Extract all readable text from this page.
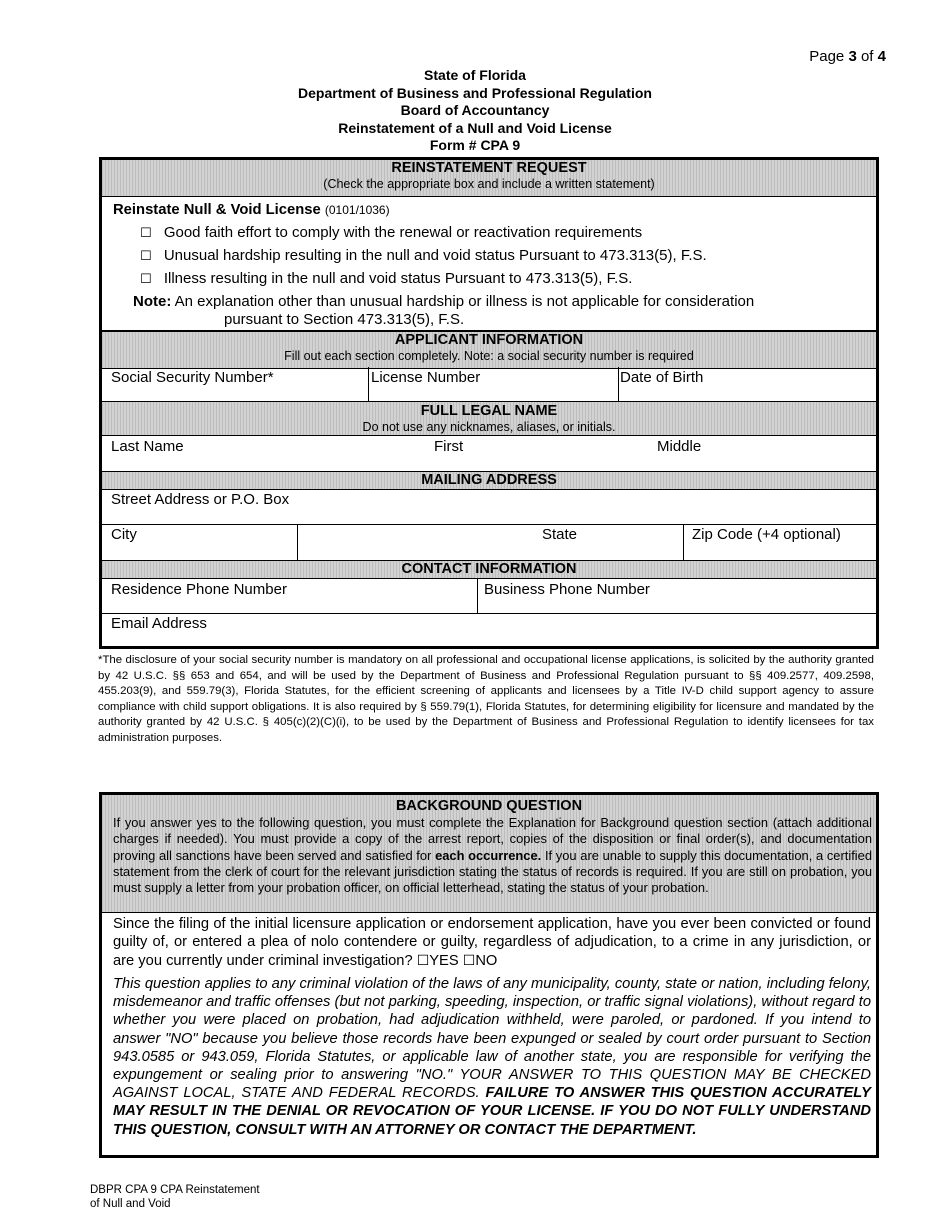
Page 3 of 4
State of Florida
Department of Business and Professional Regulation
Board of Accountancy
Reinstatement of a Null and Void License
Form # CPA 9
REINSTATEMENT REQUEST
(Check the appropriate box and include a written statement)
Reinstate Null & Void License (0101/1036)
☐ Good faith effort to comply with the renewal or reactivation requirements
☐ Unusual hardship resulting in the null and void status Pursuant to 473.313(5), F.S.
☐ Illness resulting in the null and void status Pursuant to 473.313(5), F.S.
Note: An explanation other than unusual hardship or illness is not applicable for consideration
pursuant to Section 473.313(5), F.S.
APPLICANT INFORMATION
Fill out each section completely. Note: a social security number is required
Social Security Number*	License Number	Date of Birth
FULL LEGAL NAME
Do not use any nicknames, aliases, or initials.
Last Name	First	Middle
MAILING ADDRESS
Street Address or P.O. Box
City	State	Zip Code (+4 optional)
CONTACT INFORMATION
Residence Phone Number	Business Phone Number
Email Address
*The disclosure of your social security number is mandatory on all professional and occupational license applications, is solicited by the authority granted by 42 U.S.C. §§ 653 and 654, and will be used by the Department of Business and Professional Regulation pursuant to §§ 409.2577, 409.2598, 455.203(9), and 559.79(3), Florida Statutes, for the efficient screening of applicants and licensees by a Title IV-D child support agency to assure compliance with child support obligations. It is also required by § 559.79(1), Florida Statutes, for determining eligibility for licensure and mandated by the authority granted by 42 U.S.C. § 405(c)(2)(C)(i), to be used by the Department of Business and Professional Regulation to identify licensees for tax administration purposes.
BACKGROUND QUESTION
If you answer yes to the following question, you must complete the Explanation for Background question section (attach additional charges if needed). You must provide a copy of the arrest report, copies of the disposition or final order(s), and documentation proving all sanctions have been served and satisfied for each occurrence. If you are unable to supply this documentation, a certified statement from the clerk of court for the relevant jurisdiction stating the status of records is required. If you are still on probation, you must supply a letter from your probation officer, on official letterhead, stating the status of your probation.
Since the filing of the initial licensure application or endorsement application, have you ever been convicted or found guilty of, or entered a plea of nolo contendere or guilty, regardless of adjudication, to a crime in any jurisdiction, or are you currently under criminal investigation? ☐YES ☐NO
This question applies to any criminal violation of the laws of any municipality, county, state or nation, including felony, misdemeanor and traffic offenses (but not parking, speeding, inspection, or traffic signal violations), without regard to whether you were placed on probation, had adjudication withheld, were paroled, or pardoned. If you intend to answer "NO" because you believe those records have been expunged or sealed by court order pursuant to Section 943.0585 or 943.059, Florida Statutes, or applicable law of another state, you are responsible for verifying the expungement or sealing prior to answering "NO." YOUR ANSWER TO THIS QUESTION MAY BE CHECKED AGAINST LOCAL, STATE AND FEDERAL RECORDS. FAILURE TO ANSWER THIS QUESTION ACCURATELY MAY RESULT IN THE DENIAL OR REVOCATION OF YOUR LICENSE. IF YOU DO NOT FULLY UNDERSTAND THIS QUESTION, CONSULT WITH AN ATTORNEY OR CONTACT THE DEPARTMENT.
DBPR CPA 9 CPA Reinstatement
of Null and Void
